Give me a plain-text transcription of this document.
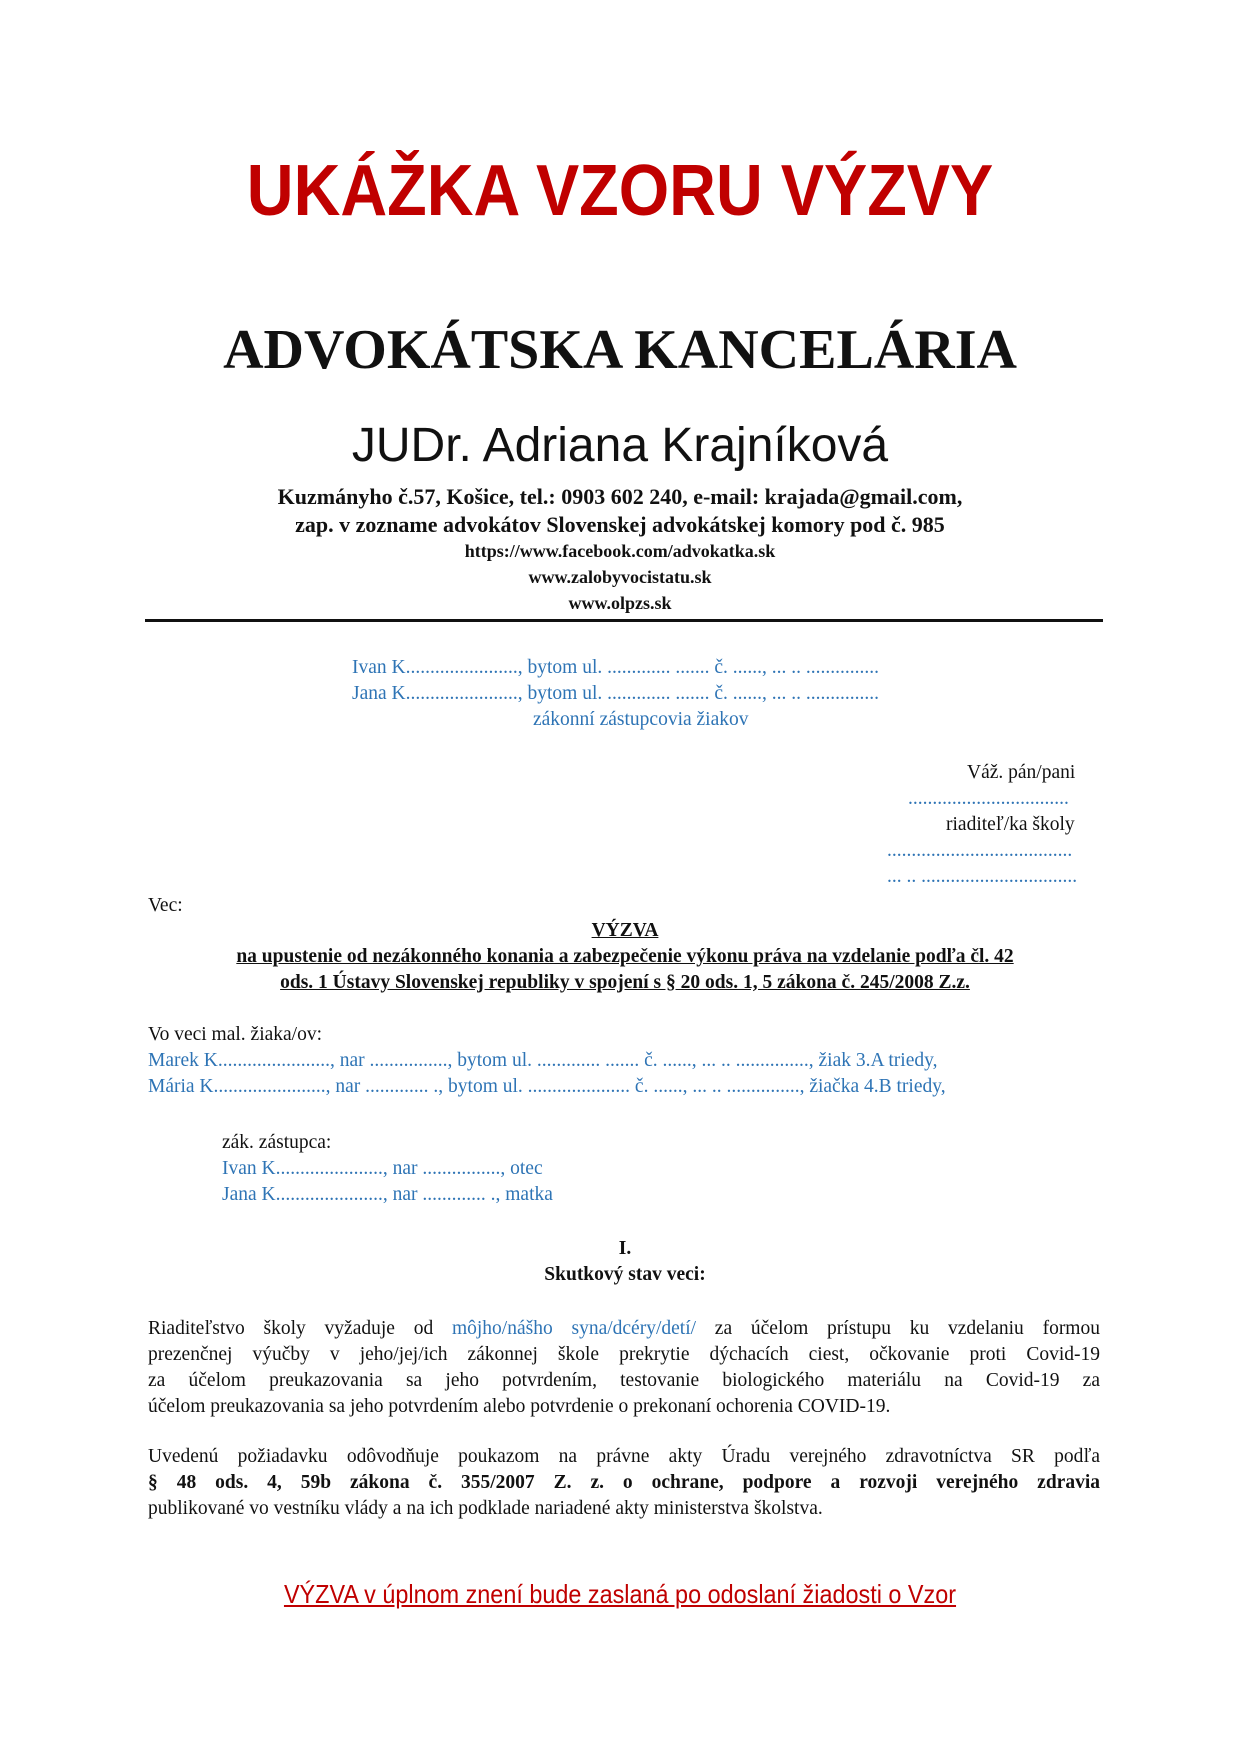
UKÁŽKA VZORU VÝZVY
ADVOKÁTSKA KANCELÁRIA
JUDr. Adriana Krajníková
Kuzmányho č.57, Košice, tel.: 0903 602 240, e-mail: krajada@gmail.com,
zap. v zozname advokátov Slovenskej advokátskej komory pod č. 985
https://www.facebook.com/advokatka.sk
www.zalobyvocistatu.sk
www.olpzs.sk
Ivan K......................., bytom ul. ............. ....... č. ......, ... .. ...............
Jana K......................., bytom ul. ............. ....... č. ......, ... .. ...............
zákonní zástupcovia žiakov
Váž. pán/pani
.................................
riaditeľ/ka školy
......................................
... .. ................................
Vec:
VÝZVA
na upustenie od nezákonného konania a zabezpečenie výkonu práva na vzdelanie podľa čl. 42
ods. 1 Ústavy Slovenskej republiky v spojení s § 20 ods. 1, 5 zákona č. 245/2008 Z.z.
Vo veci mal. žiaka/ov:
Marek K......................., nar ................, bytom ul. ............. ....... č. ......, ... .. ..............., žiak 3.A triedy,
Mária K......................., nar ............. ., bytom ul. ..................... č. ......, ... .. ..............., žiačka 4.B triedy,
zák. zástupca:
Ivan K......................, nar ................, otec
Jana K......................, nar ............. ., matka
I.
Skutkový stav veci:
Riaditeľstvo školy vyžaduje od môjho/nášho syna/dcéry/detí/ za účelom prístupu ku vzdelaniu formou
prezenčnej výučby v jeho/jej/ich zákonnej škole prekrytie dýchacích ciest, očkovanie proti Covid-19
za účelom preukazovania sa jeho potvrdením, testovanie biologického materiálu na Covid-19 za
účelom preukazovania sa jeho potvrdením alebo potvrdenie o prekonaní ochorenia COVID-19.
Uvedenú požiadavku odôvodňuje poukazom na právne akty Úradu verejného zdravotníctva SR podľa
§ 48 ods. 4, 59b zákona č. 355/2007 Z. z. o ochrane, podpore a rozvoji verejného zdravia
publikované vo vestníku vlády a na ich podklade nariadené akty ministerstva školstva.
VÝZVA v úplnom znení bude zaslaná po odoslaní žiadosti o Vzor
